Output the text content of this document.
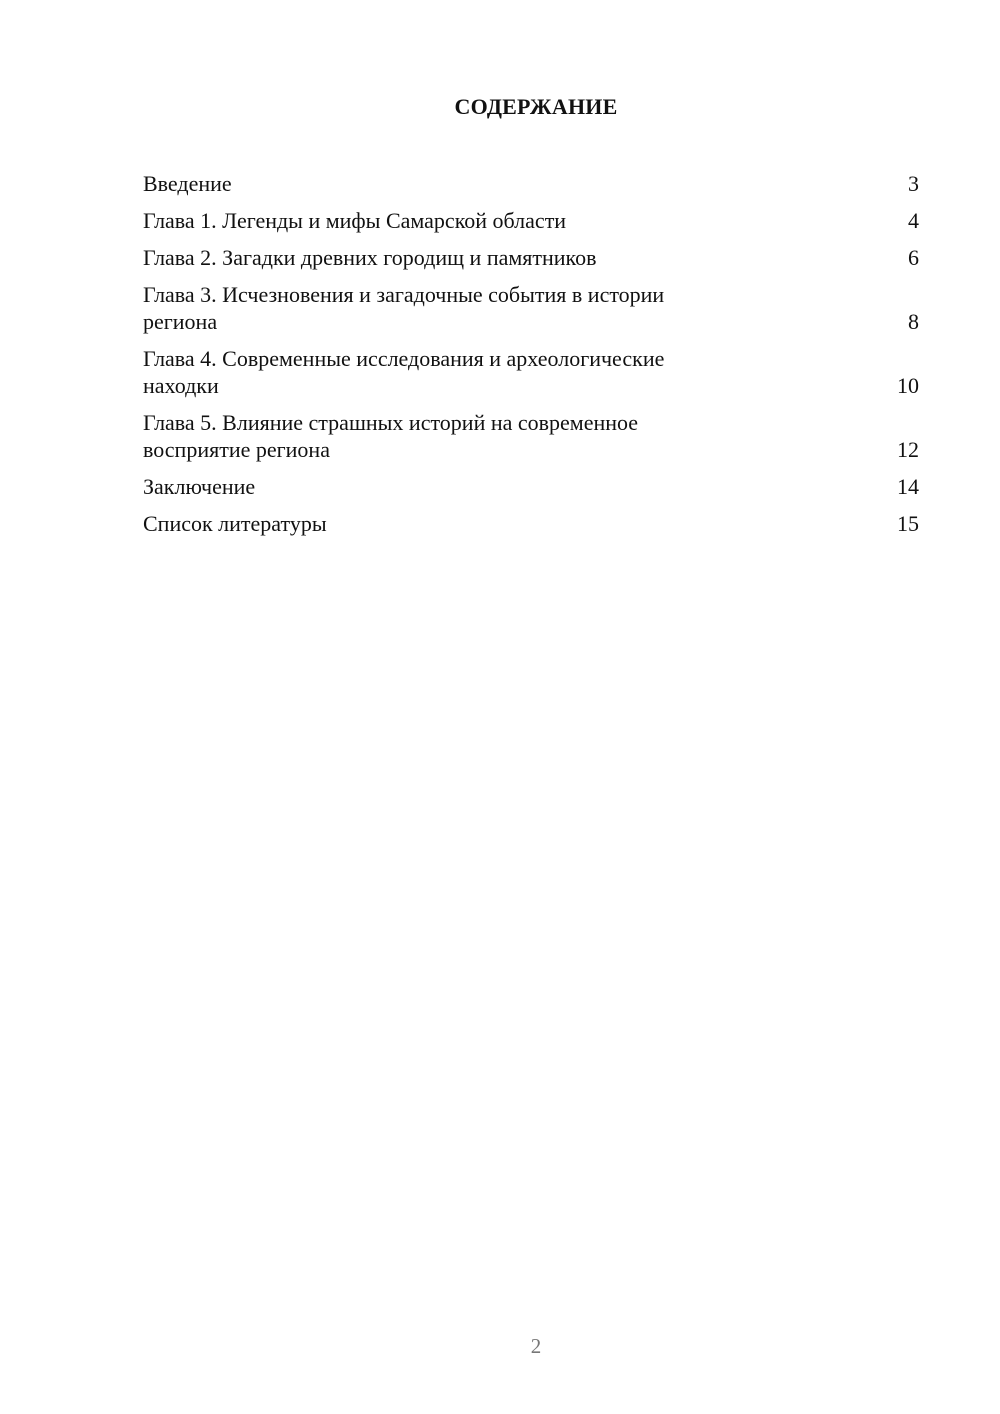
СОДЕРЖАНИЕ
Введение	3
Глава 1. Легенды и мифы Самарской области	4
Глава 2. Загадки древних городищ и памятников	6
Глава 3. Исчезновения и загадочные события в истории региона	8
Глава 4. Современные исследования и археологические находки	10
Глава 5. Влияние страшных историй на современное восприятие региона	12
Заключение	14
Список литературы	15
2
